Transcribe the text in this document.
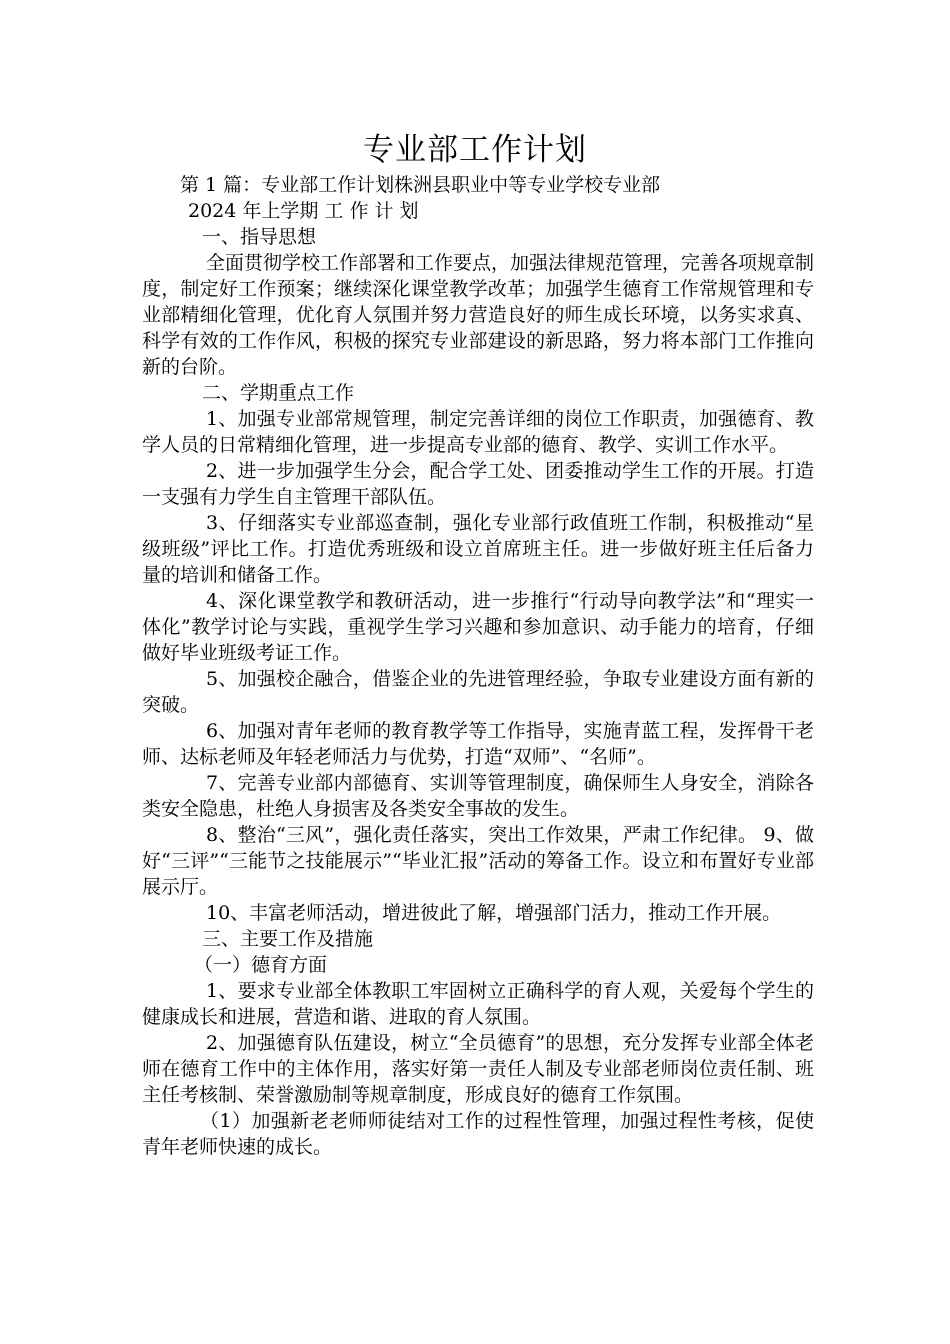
专业部工作计划

第 1 篇：专业部工作计划株洲县职业中等专业学校专业部

2024 年上学期 工 作 计 划

一、指导思想

全面贯彻学校工作部署和工作要点，加强法律规范管理，完善各项规章制度，制定好工作预案；继续深化课堂教学改革；加强学生德育工作常规管理和专业部精细化管理，优化育人氛围并努力营造良好的师生成长环境，以务实求真、科学有效的工作作风，积极的探究专业部建设的新思路，努力将本部门工作推向新的台阶。

二、学期重点工作

1、加强专业部常规管理，制定完善详细的岗位工作职责，加强德育、教学人员的日常精细化管理，进一步提高专业部的德育、教学、实训工作水平。

2、进一步加强学生分会，配合学工处、团委推动学生工作的开展。打造一支强有力学生自主管理干部队伍。

3、仔细落实专业部巡查制，强化专业部行政值班工作制，积极推动“星级班级”评比工作。打造优秀班级和设立首席班主任。进一步做好班主任后备力量的培训和储备工作。

4、深化课堂教学和教研活动，进一步推行“行动导向教学法”和“理实一体化”教学讨论与实践，重视学生学习兴趣和参加意识、动手能力的培育，仔细做好毕业班级考证工作。

5、加强校企融合，借鉴企业的先进管理经验，争取专业建设方面有新的突破。

6、加强对青年老师的教育教学等工作指导，实施青蓝工程，发挥骨干老师、达标老师及年轻老师活力与优势，打造“双师”、“名师”。

7、完善专业部内部德育、实训等管理制度，确保师生人身安全，消除各类安全隐患，杜绝人身损害及各类安全事故的发生。

8、整治“三风”，强化责任落实，突出工作效果，严肃工作纪律。 9、做好“三评”“三能节之技能展示”“毕业汇报”活动的筹备工作。设立和布置好专业部展示厅。

10、丰富老师活动，增进彼此了解，增强部门活力，推动工作开展。

三、主要工作及措施

（一）德育方面

1、要求专业部全体教职工牢固树立正确科学的育人观，关爱每个学生的健康成长和进展，营造和谐、进取的育人氛围。

2、加强德育队伍建设，树立“全员德育”的思想，充分发挥专业部全体老师在德育工作中的主体作用，落实好第一责任人制及专业部老师岗位责任制、班主任考核制、荣誉激励制等规章制度，形成良好的德育工作氛围。

（1）加强新老老师师徒结对工作的过程性管理，加强过程性考核，促使青年老师快速的成长。
